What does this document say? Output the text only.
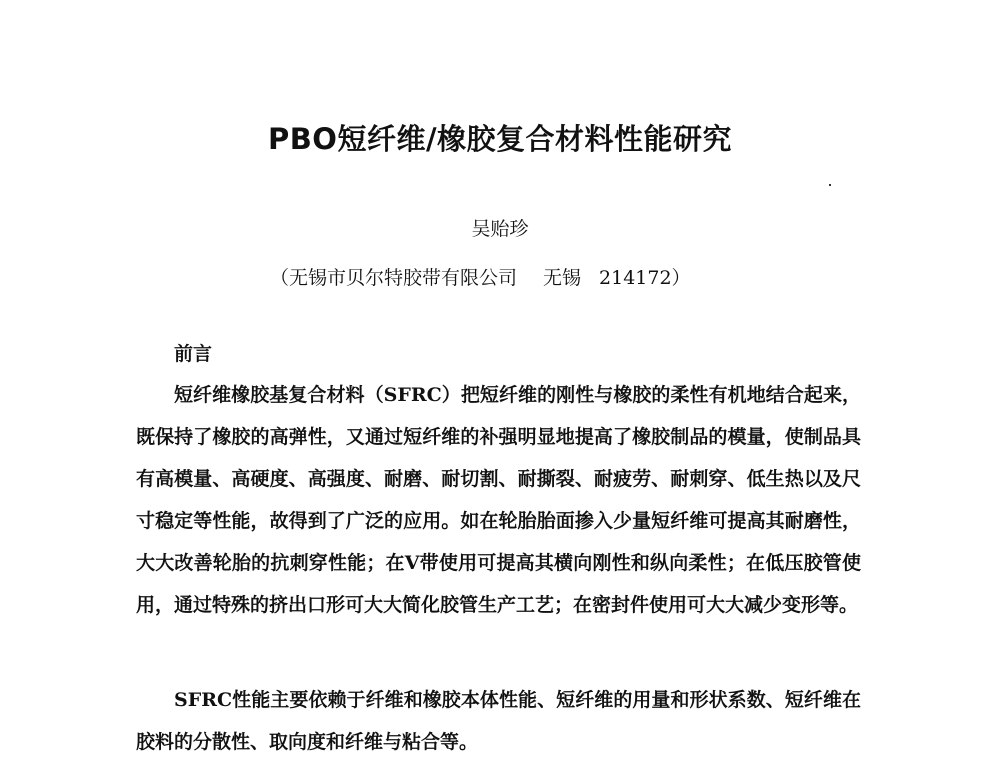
PBO短纤维/橡胶复合材料性能研究
吴贻珍
（无锡市贝尔特胶带有限公司 无锡 214172）
前言
短纤维橡胶基复合材料（SFRC）把短纤维的刚性与橡胶的柔性有机地结合起来，既保持了橡胶的高弹性，又通过短纤维的补强明显地提高了橡胶制品的模量，使制品具有高模量、高硬度、高强度、耐磨、耐切割、耐撕裂、耐疲劳、耐刺穿、低生热以及尺寸稳定等性能，故得到了广泛的应用。如在轮胎胎面掺入少量短纤维可提高其耐磨性，大大改善轮胎的抗刺穿性能；在V带使用可提高其横向刚性和纵向柔性；在低压胶管使用，通过特殊的挤出口形可大大简化胶管生产工艺；在密封件使用可大大减少变形等。
SFRC性能主要依赖于纤维和橡胶本体性能、短纤维的用量和形状系数、短纤维在胶料的分散性、取向度和纤维与粘合等。
